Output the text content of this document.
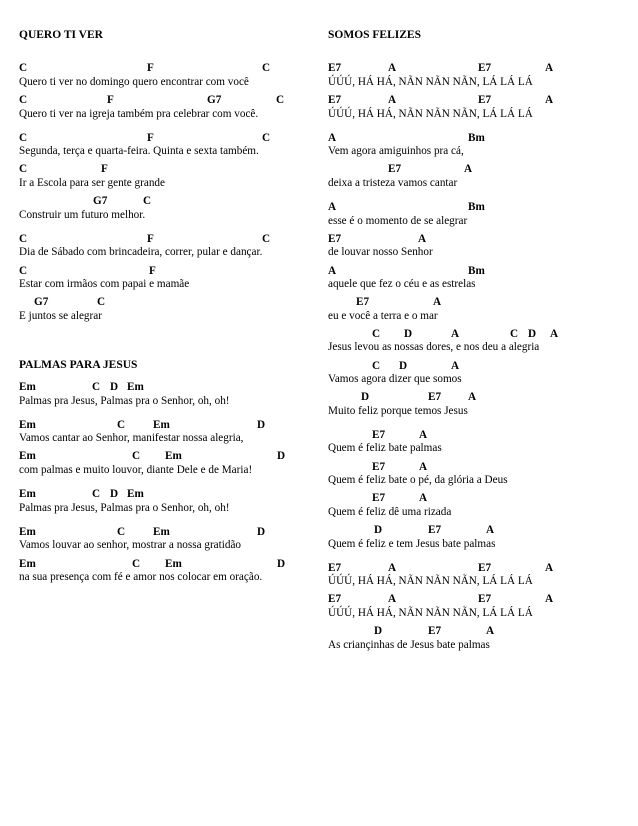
QUERO TI VER
C	F	C
Quero ti ver no domingo quero encontrar com você
C	F	G7	C
Quero ti ver na igreja também pra celebrar com você.
C	F	C
Segunda, terça e quarta-feira. Quinta e sexta também.
C	F
Ir a Escola para ser gente grande
G7	C
Construir um futuro melhor.
C	F	C
Dia de Sábado com brincadeira, correr, pular e dançar.
C	F
Estar com irmãos com papai e mamãe
G7	C
E juntos se alegrar
PALMAS PARA JESUS
Em	C D Em
Palmas pra Jesus, Palmas pra o Senhor, oh, oh!
Em	C Em	D
Vamos cantar ao Senhor, manifestar nossa alegria,
Em	C Em	D
com palmas e muito louvor, diante Dele e de Maria!
Em	C D Em
Palmas pra Jesus, Palmas pra o Senhor, oh, oh!
Em	C Em	D
Vamos louvar ao senhor, mostrar a nossa gratidão
Em	C Em	D
na sua presença com fé e amor nos colocar em oração.
SOMOS FELIZES
E7	A	E7	A
ÚÚÚ, HÁ HÁ, NÃN NÃN NÃN, LÁ LÁ LÁ
E7	A	E7	A
ÚÚÚ, HÁ HÁ, NÃN NÃN NÃN, LÁ LÁ LÁ
A	Bm
Vem agora amiguinhos pra cá,
E7	A
deixa a tristeza vamos cantar
A	Bm
esse é o momento de se alegrar
E7	A
de louvar nosso Senhor
A	Bm
aquele que fez o céu e as estrelas
E7	A
eu e você a terra e o mar
C D	A	C D A
Jesus levou as nossas dores, e nos deu a alegria
C D	A
Vamos agora dizer que somos
D	E7 A
Muito feliz porque temos Jesus
E7	A
Quem é feliz bate palmas
E7	A
Quem é feliz bate o pé, da glória a Deus
E7	A
Quem é feliz dê uma rizada
D	E7	A
Quem é feliz e tem Jesus bate palmas
E7	A	E7	A
ÚÚÚ, HÁ HÁ, NÃN NÃN NÃN, LÁ LÁ LÁ
E7	A	E7	A
ÚÚÚ, HÁ HÁ, NÃN NÃN NÃN, LÁ LÁ LÁ
D	E7	A
As criançinhas de Jesus bate palmas
